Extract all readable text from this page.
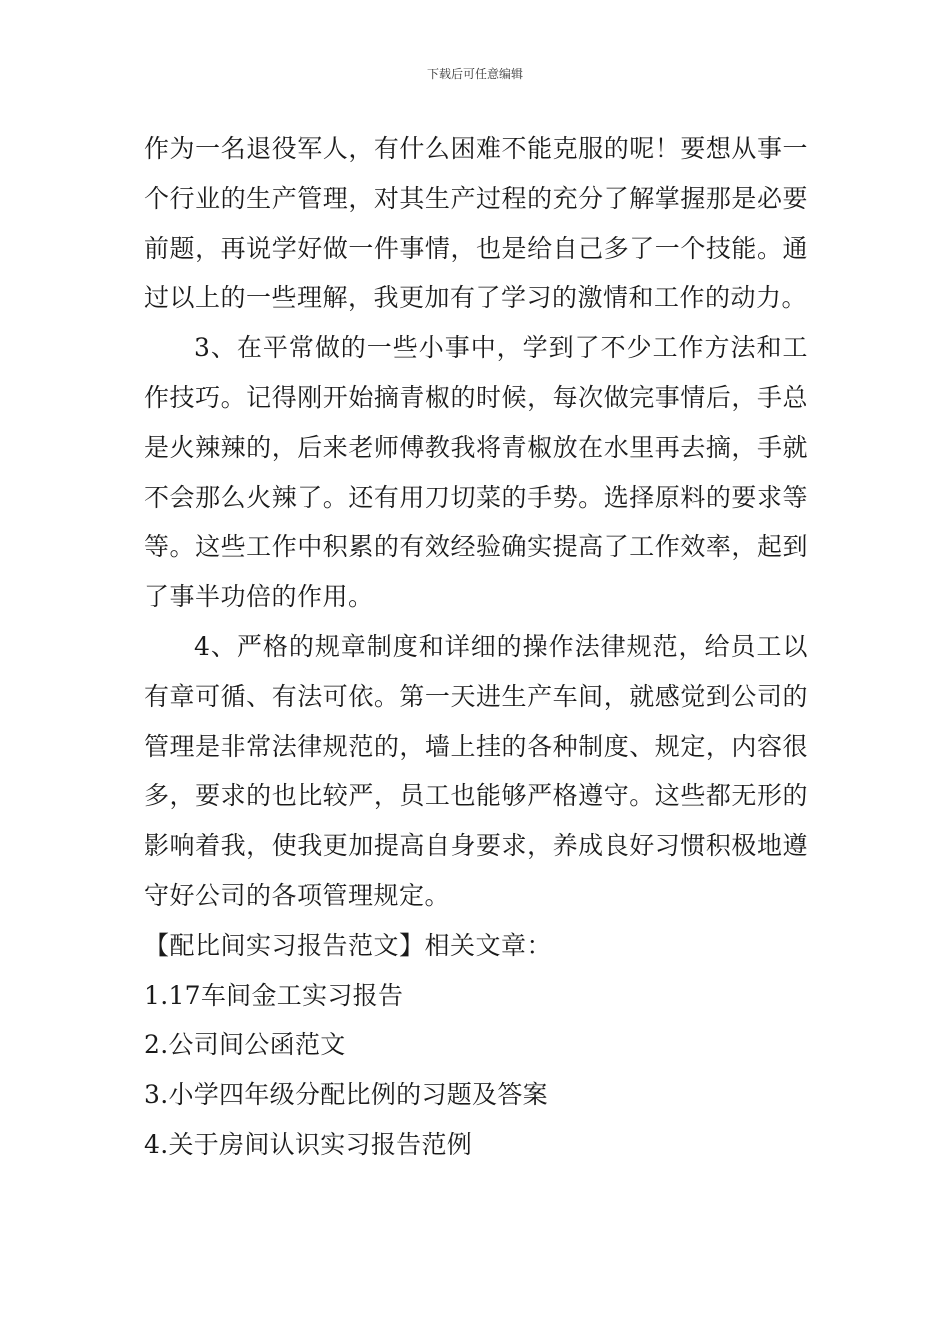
下载后可任意编辑

作为一名退役军人，有什么困难不能克服的呢！要想从事一个行业的生产管理，对其生产过程的充分了解掌握那是必要前题，再说学好做一件事情，也是给自己多了一个技能。通过以上的一些理解，我更加有了学习的激情和工作的动力。

3、在平常做的一些小事中，学到了不少工作方法和工作技巧。记得刚开始摘青椒的时候，每次做完事情后，手总是火辣辣的，后来老师傅教我将青椒放在水里再去摘，手就不会那么火辣了。还有用刀切菜的手势。选择原料的要求等等。这些工作中积累的有效经验确实提高了工作效率，起到了事半功倍的作用。

4、严格的规章制度和详细的操作法律规范，给员工以有章可循、有法可依。第一天进生产车间，就感觉到公司的管理是非常法律规范的，墙上挂的各种制度、规定，内容很多，要求的也比较严，员工也能够严格遵守。这些都无形的影响着我，使我更加提高自身要求，养成良好习惯积极地遵守好公司的各项管理规定。

【配比间实习报告范文】相关文章：

1.17车间金工实习报告
2.公司间公函范文
3.小学四年级分配比例的习题及答案
4.关于房间认识实习报告范例
